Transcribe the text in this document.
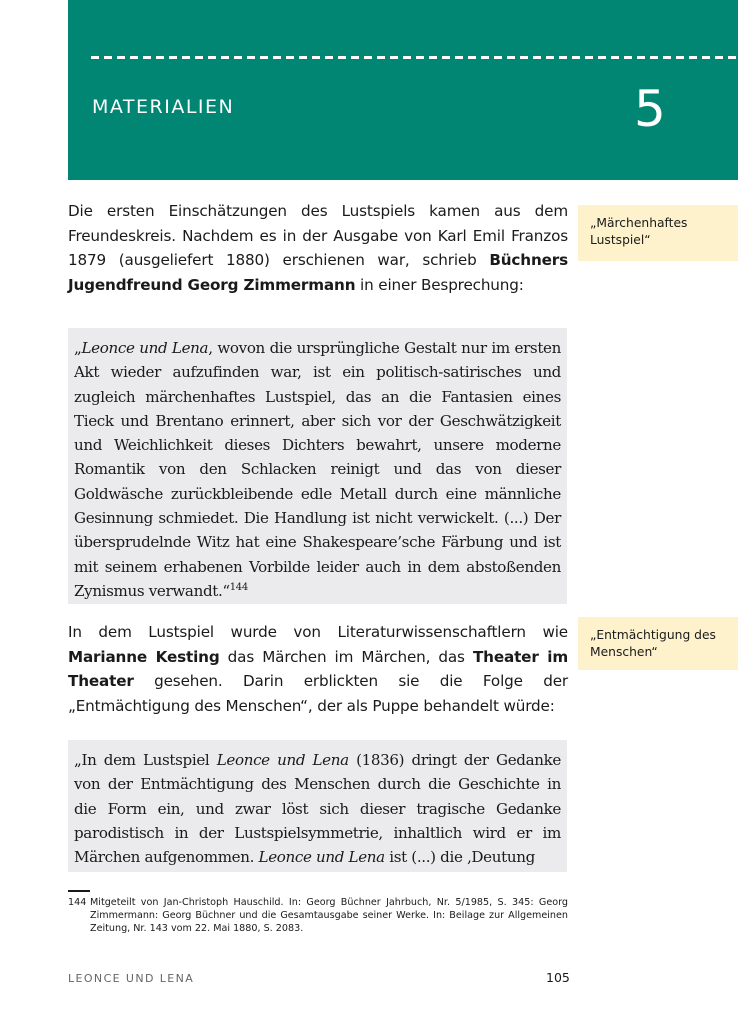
MATERIALIEN	5

Die ersten Einschätzungen des Lustspiels kamen aus dem Freundeskreis. Nachdem es in der Ausgabe von Karl Emil Franzos 1879 (ausgeliefert 1880) erschienen war, schrieb Büchners Jugendfreund Georg Zimmermann in einer Besprechung:

„Märchenhaftes Lustspiel“
„Leonce und Lena, wovon die ursprüngliche Gestalt nur im ersten Akt wieder aufzufinden war, ist ein politisch-satirisches und zugleich märchenhaftes Lustspiel, das an die Fantasien eines Tieck und Brentano erinnert, aber sich vor der Geschwätzigkeit und Weichlichkeit dieses Dichters bewahrt, unsere moderne Romantik von den Schlacken reinigt und das von dieser Goldwäsche zurückbleibende edle Metall durch eine männliche Gesinnung schmiedet. Die Handlung ist nicht verwickelt. (...) Der übersprudelnde Witz hat eine Shakespeare’sche Färbung und ist mit seinem erhabenen Vorbilde leider auch in dem abstoßenden Zynismus verwandt.“$^{144}$

In dem Lustspiel wurde von Literaturwissenschaftlern wie Marianne Kesting das Märchen im Märchen, das Theater im Theater gesehen. Darin erblickten sie die Folge der „Entmächtigung des Menschen“, der als Puppe behandelt würde:

„Entmächtigung des Menschen“
„In dem Lustspiel Leonce und Lena (1836) dringt der Gedanke von der Entmächtigung des Menschen durch die Geschichte in die Form ein, und zwar löst sich dieser tragische Gedanke parodistisch in der Lustspielsymmetrie, inhaltlich wird er im Märchen aufgenommen. Leonce und Lena ist (...) die ‚Deutung
144 Mitgeteilt von Jan-Christoph Hauschild. In: Georg Büchner Jahrbuch, Nr. 5/1985, S. 345: Georg Zimmermann: Georg Büchner und die Gesamtausgabe seiner Werke. In: Beilage zur Allgemeinen Zeitung, Nr. 143 vom 22. Mai 1880, S. 2083.
LEONCE UND LENA	105
